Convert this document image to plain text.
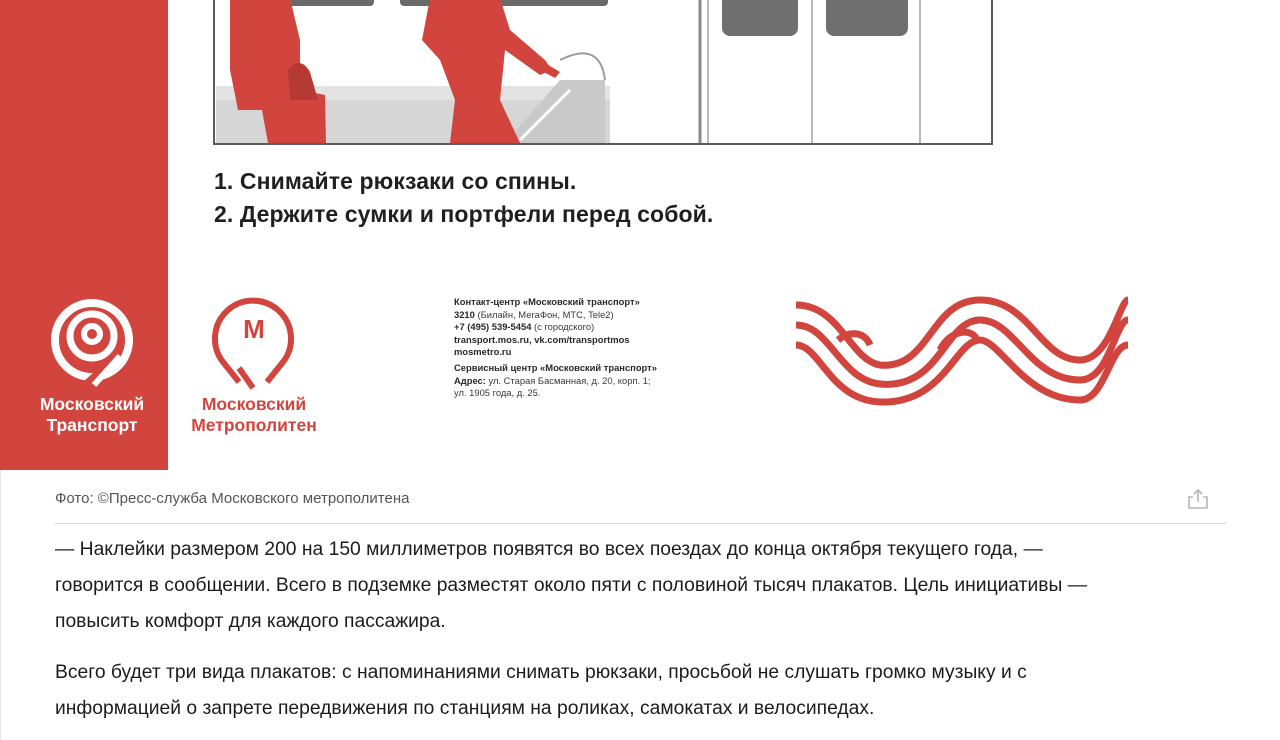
1. Снимайте рюкзаки со спины.
2. Держите сумки и портфели перед собой.
Московский
Транспорт
М
Московский
Метрополитен
Контакт-центр «Московский транспорт»
3210 (Билайн, МегаФон, МТС, Tele2)
+7 (495) 539-5454 (с городского)
transport.mos.ru, vk.com/transportmos
mosmetro.ru
Сервисный центр «Московский транспорт»
Адрес: ул. Старая Басманная, д. 20, корп. 1;
ул. 1905 года, д. 25.
Фото: ©Пресс-служба Московского метрополитена
— Наклейки размером 200 на 150 миллиметров появятся во всех поездах до конца октября текущего года, —
говорится в сообщении. Всего в подземке разместят около пяти с половиной тысяч плакатов. Цель инициативы —
повысить комфорт для каждого пассажира.
Всего будет три вида плакатов: с напоминаниями снимать рюкзаки, просьбой не слушать громко музыку и с
информацией о запрете передвижения по станциям на роликах, самокатах и велосипедах.
